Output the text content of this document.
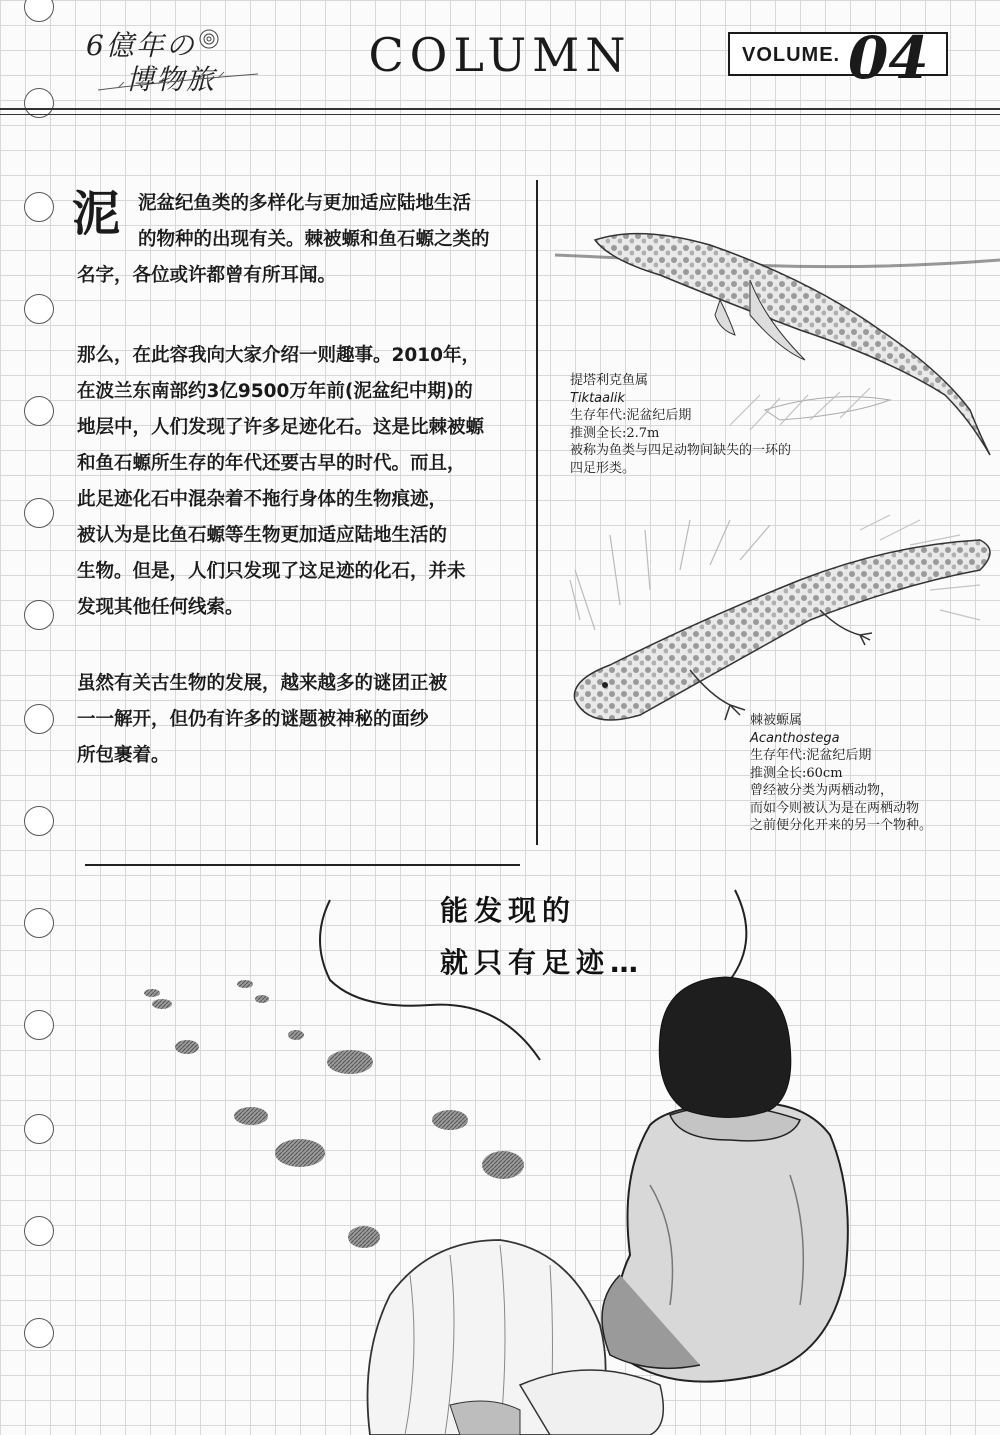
6億年の
博物旅	COLUMN	VOLUME. 04
泥 泥盆纪鱼类的多样化与更加适应陆地生活
的物种的出现有关。棘被螈和鱼石螈之类的
名字，各位或许都曾有所耳闻。
那么，在此容我向大家介绍一则趣事。2010年，
在波兰东南部约3亿9500万年前(泥盆纪中期)的
地层中，人们发现了许多足迹化石。这是比棘被螈
和鱼石螈所生存的年代还要古早的时代。而且，
此足迹化石中混杂着不拖行身体的生物痕迹，
被认为是比鱼石螈等生物更加适应陆地生活的
生物。但是，人们只发现了这足迹的化石，并未
发现其他任何线索。
虽然有关古生物的发展，越来越多的谜团正被
一一解开，但仍有许多的谜题被神秘的面纱
所包裹着。
提塔利克鱼属
Tiktaalik
生存年代:泥盆纪后期
推测全长:2.7m
被称为鱼类与四足动物间缺失的一环的
四足形类。
棘被螈属
Acanthostega
生存年代:泥盆纪后期
推测全长:60cm
曾经被分类为两栖动物，
而如今则被认为是在两栖动物
之前便分化开来的另一个物种。
能发现的
就只有足迹…
